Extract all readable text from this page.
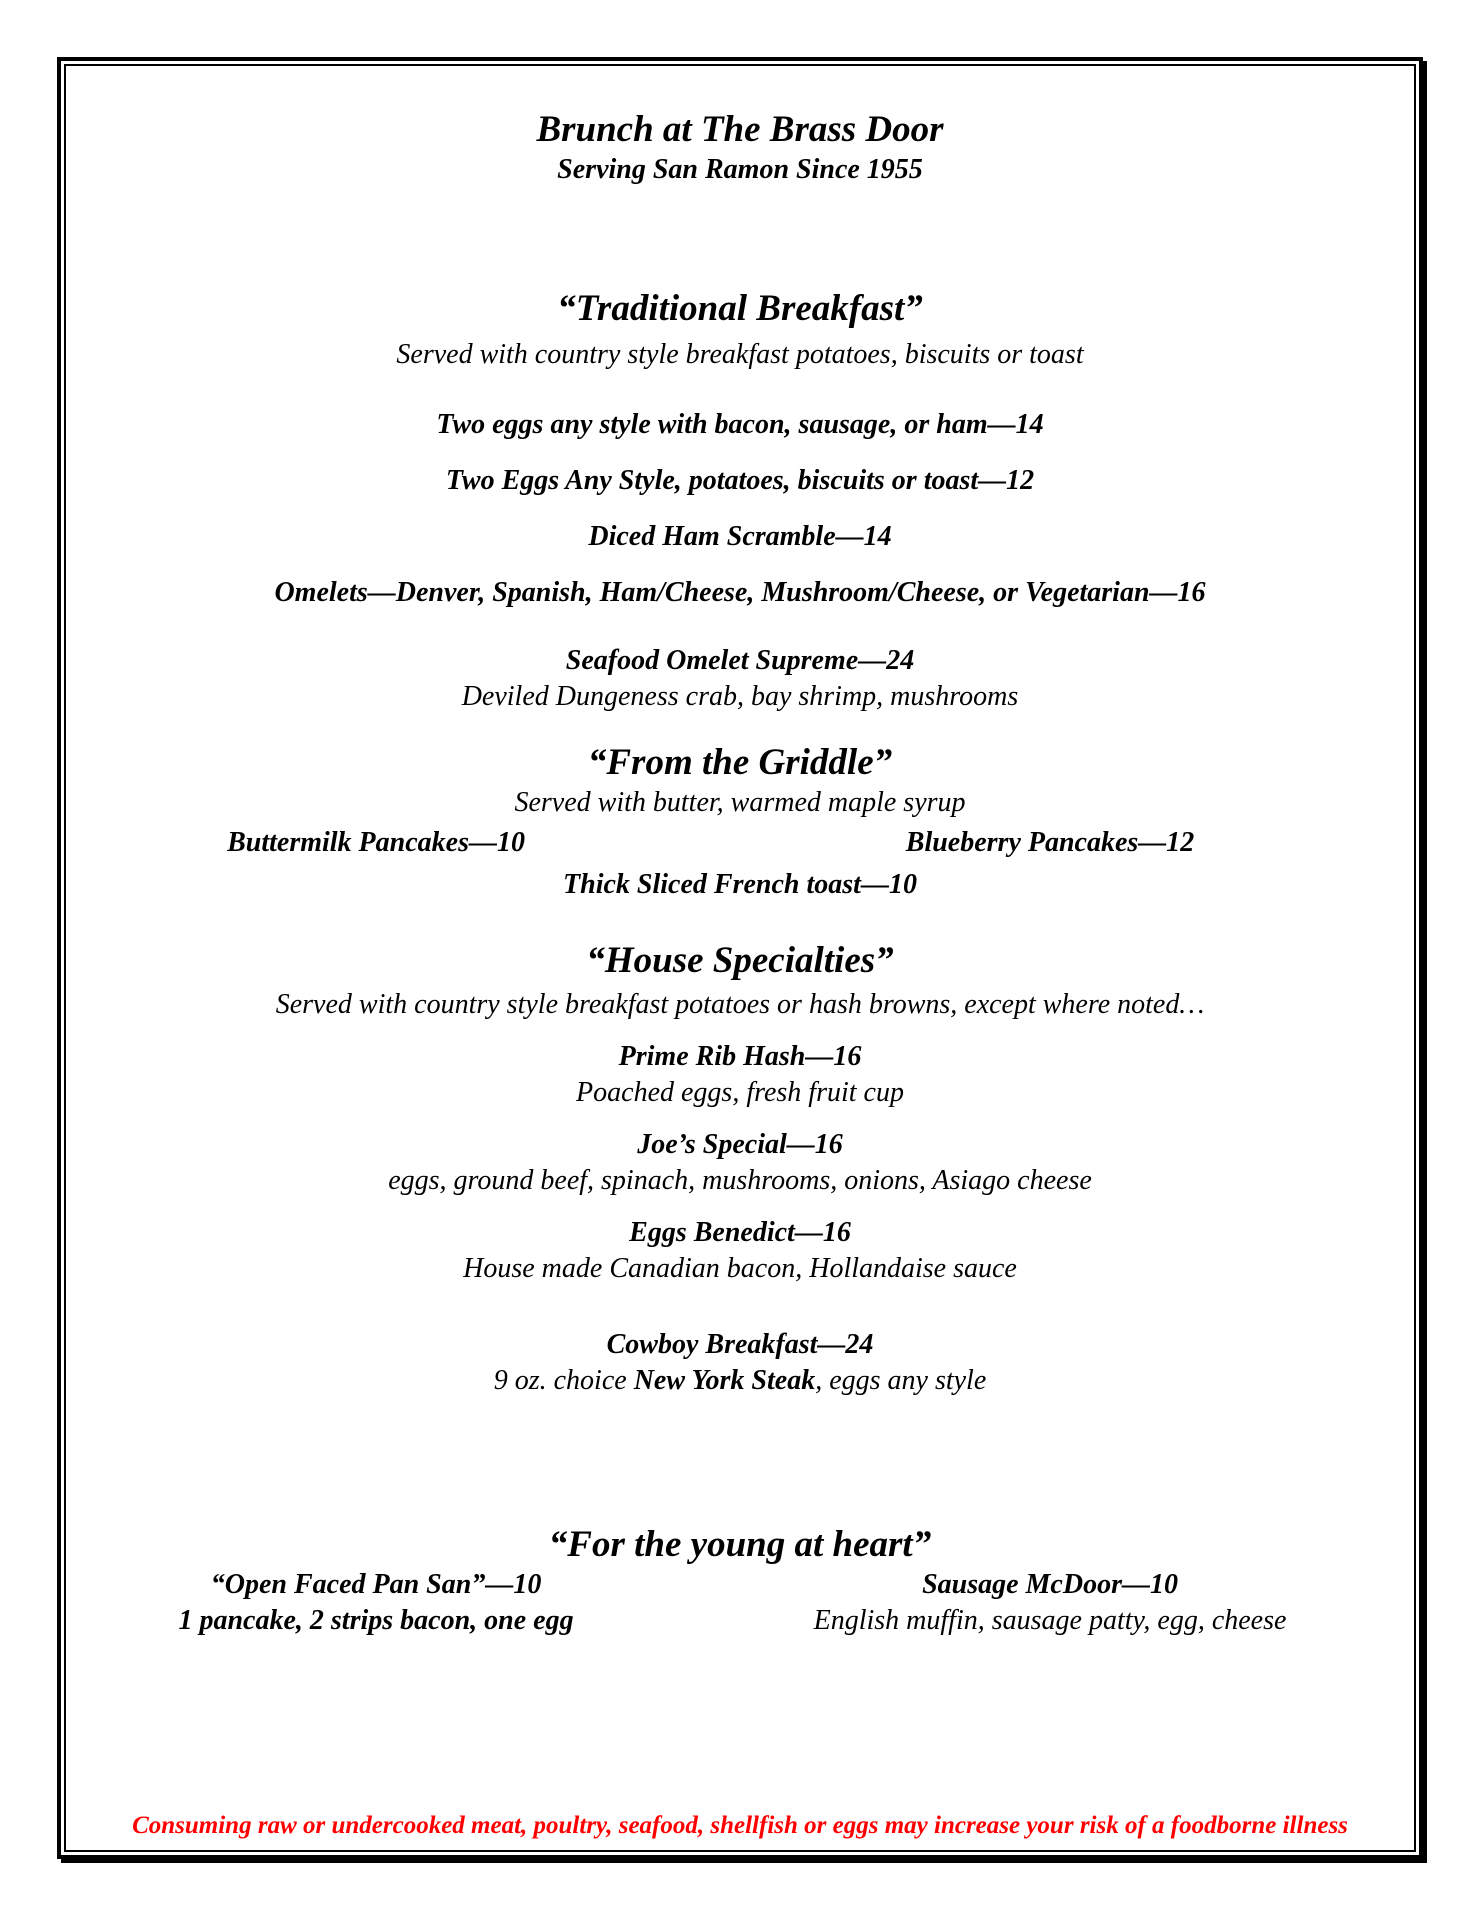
Brunch at The Brass Door

Serving San Ramon Since 1955

“Traditional Breakfast”

Served with country style breakfast potatoes, biscuits or toast

Two eggs any style with bacon, sausage, or ham—14

Two Eggs Any Style, potatoes, biscuits or toast—12

Diced Ham Scramble—14

Omelets—Denver, Spanish, Ham/Cheese, Mushroom/Cheese, or Vegetarian—16

Seafood Omelet Supreme—24

Deviled Dungeness crab, bay shrimp, mushrooms

“From the Griddle”

Served with butter, warmed maple syrup

Buttermilk Pancakes—10	Blueberry Pancakes—12

Thick Sliced French toast—10

“House Specialties”

Served with country style breakfast potatoes or hash browns, except where noted…

Prime Rib Hash—16

Poached eggs, fresh fruit cup

Joe’s Special—16

eggs, ground beef, spinach, mushrooms, onions, Asiago cheese

Eggs Benedict—16

House made Canadian bacon, Hollandaise sauce

Cowboy Breakfast—24

9 oz. choice New York Steak, eggs any style

“For the young at heart”

“Open Faced Pan San”—10

1 pancake, 2 strips bacon, one egg

Sausage McDoor—10

English muffin, sausage patty, egg, cheese

Consuming raw or undercooked meat, poultry, seafood, shellfish or eggs may increase your risk of a foodborne illness
